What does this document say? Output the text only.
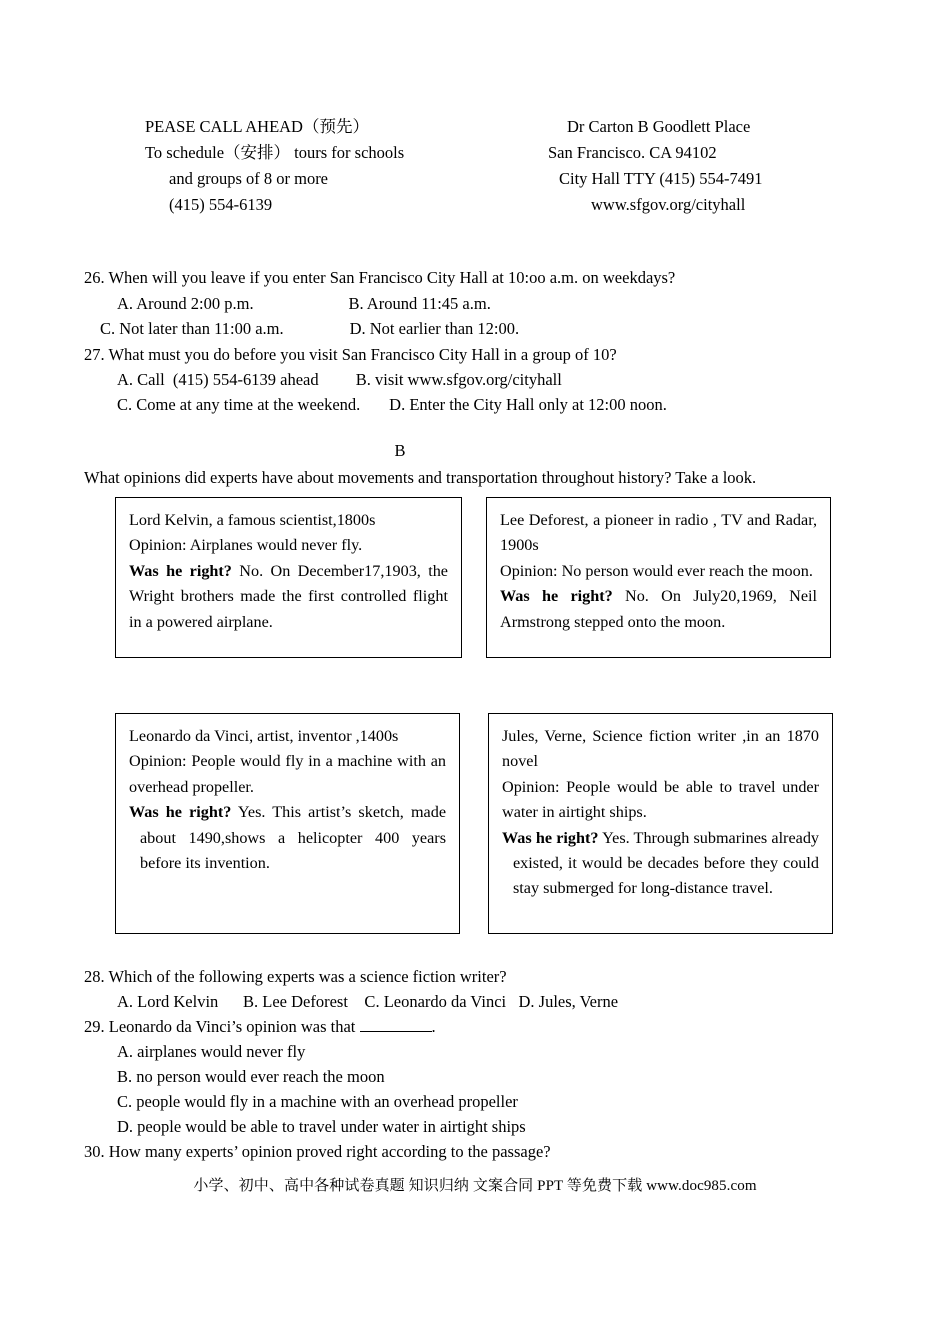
PEASE CALL AHEAD（预先）	Dr Carton B Goodlett Place
To schedule（安排） tours for schools	San Francisco. CA 94102
and groups of 8 or more	City Hall TTY (415) 554-7491
(415) 554-6139	www.sfgov.org/cityhall
26. When will you leave if you enter San Francisco City Hall at 10:oo a.m. on weekdays?
A. Around 2:00 p.m.                       B. Around 11:45 a.m.
C. Not later than 11:00 a.m.                D. Not earlier than 12:00.
27. What must you do before you visit San Francisco City Hall in a group of 10?
A. Call  (415) 554-6139 ahead         B. visit www.sfgov.org/cityhall
C. Come at any time at the weekend.       D. Enter the City Hall only at 12:00 noon.
B
What opinions did experts have about movements and transportation throughout history? Take a look.

Lord Kelvin, a famous scientist,1800s

Opinion: Airplanes would never fly.

Was he right? No. On December17,1903, the Wright brothers made the first controlled flight in a powered airplane.

Lee Deforest, a pioneer in radio , TV and Radar, 1900s

Opinion: No person would ever reach the moon.

Was he right? No. On July20,1969, Neil Armstrong stepped onto the moon.

Leonardo da Vinci, artist, inventor ,1400s

Opinion: People would fly in a machine with an overhead propeller.

Was he right? Yes. This artist’s sketch, made about 1490,shows a helicopter 400 years before its invention.

Jules, Verne, Science fiction writer ,in an 1870 novel

Opinion: People would be able to travel under water in airtight ships.

Was he right? Yes. Through submarines already existed, it would be decades before they could stay submerged for long-distance travel.

28. Which of the following experts was a science fiction writer?
A. Lord Kelvin      B. Lee Deforest    C. Leonardo da Vinci   D. Jules, Verne
29. Leonardo da Vinci’s opinion was that	.
A. airplanes would never fly
B. no person would ever reach the moon
C. people would fly in a machine with an overhead propeller
D. people would be able to travel under water in airtight ships
30. How many experts’ opinion proved right according to the passage?
小学、初中、高中各种试卷真题 知识归纳 文案合同 PPT 等免费下载 www.doc985.com
